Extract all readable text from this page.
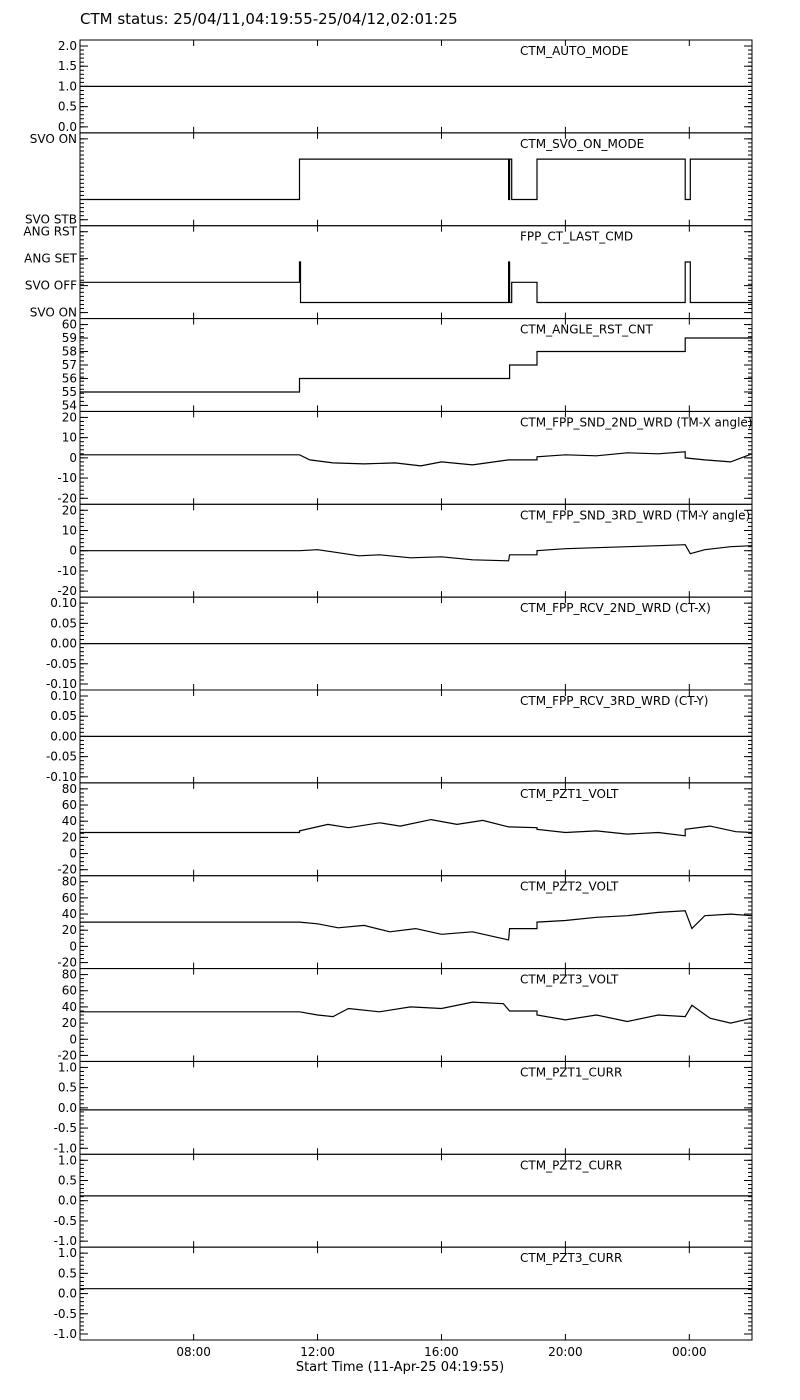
CTM status: 25/04/11,04:19:55-25/04/12,02:01:25
2.0
1.5
1.0
0.5
0.0
CTM_AUTO_MODE
SVO ON
SVO STB
CTM_SVO_ON_MODE
ANG RST
ANG SET
SVO OFF
SVO ON
FPP_CT_LAST_CMD
60
59
58
57
56
55
54
CTM_ANGLE_RST_CNT
20
10
0
-10
-20
CTM_FPP_SND_2ND_WRD (TM-X angle)
20
10
0
-10
-20
CTM_FPP_SND_3RD_WRD (TM-Y angle)
0.10
0.05
0.00
-0.05
-0.10
CTM_FPP_RCV_2ND_WRD (CT-X)
0.10
0.05
0.00
-0.05
-0.10
CTM_FPP_RCV_3RD_WRD (CT-Y)
80
60
40
20
0
-20
CTM_PZT1_VOLT
80
60
40
20
0
-20
CTM_PZT2_VOLT
80
60
40
20
0
-20
CTM_PZT3_VOLT
1.0
0.5
0.0
-0.5
-1.0
CTM_PZT1_CURR
1.0
0.5
0.0
-0.5
-1.0
CTM_PZT2_CURR
1.0
0.5
0.0
-0.5
-1.0
CTM_PZT3_CURR
08:00	12:00	16:00	20:00	00:00
Start Time (11-Apr-25 04:19:55)
